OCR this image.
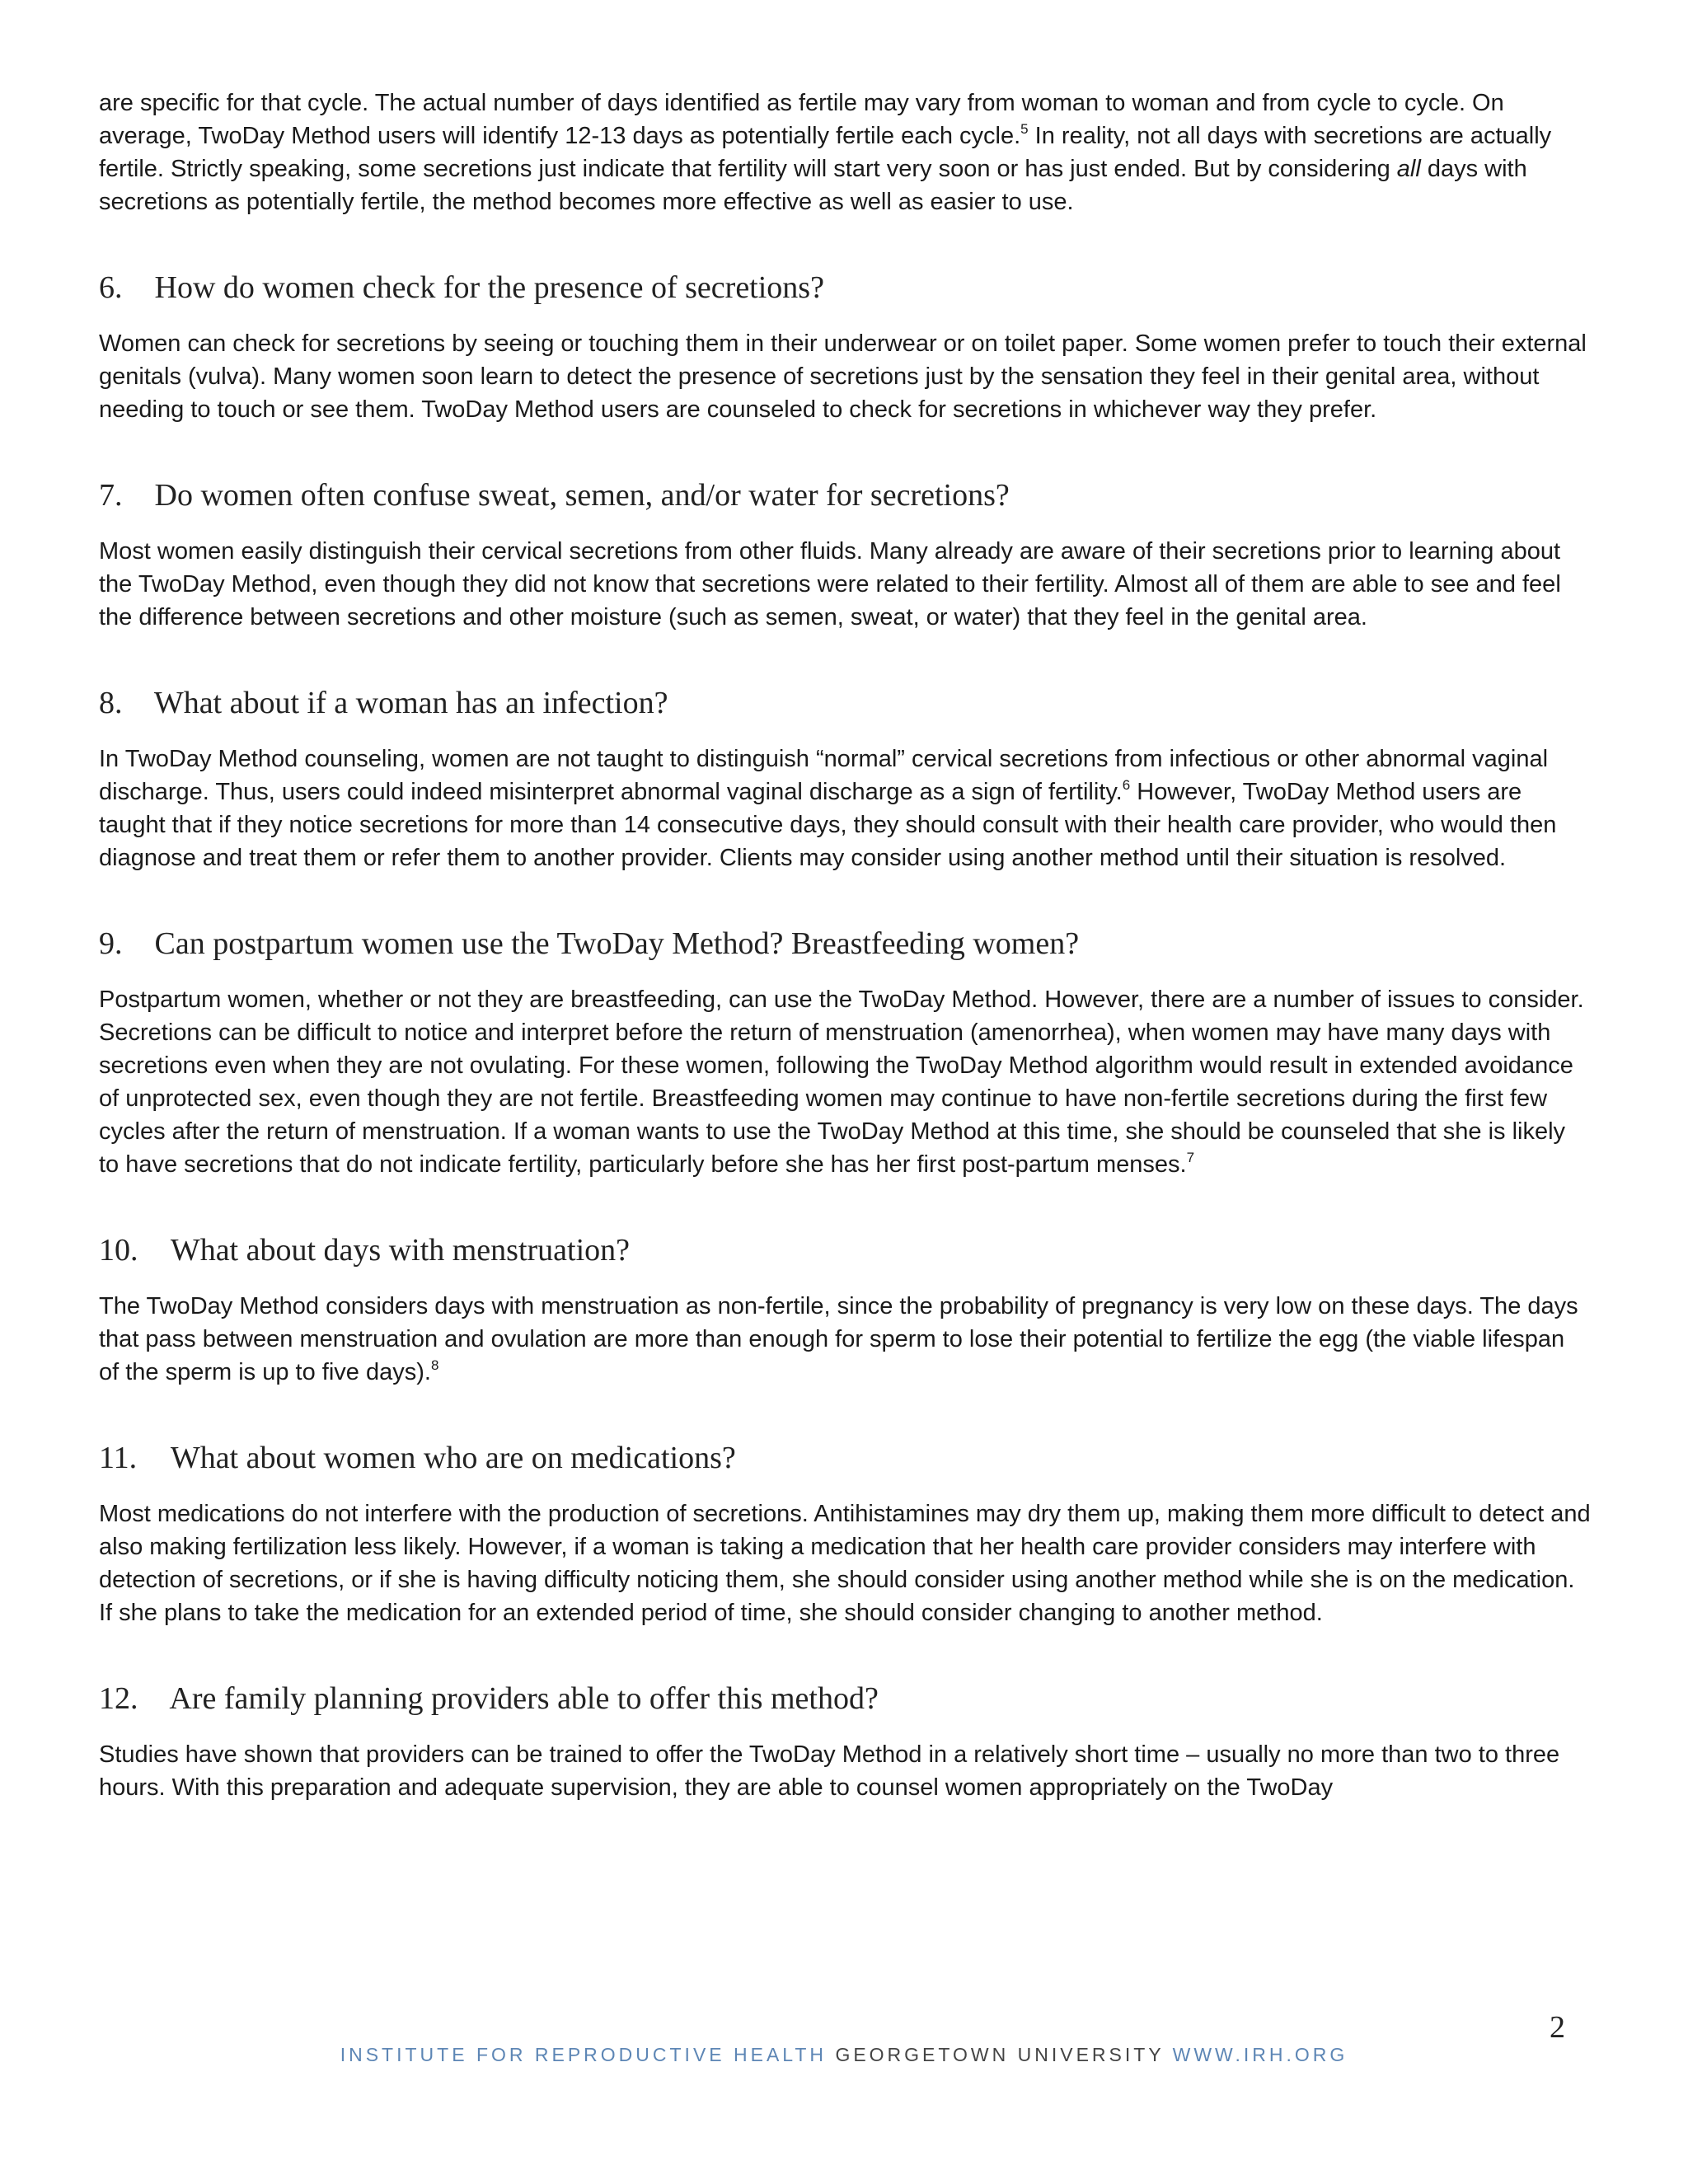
are specific for that cycle. The actual number of days identified as fertile may vary from woman to woman and from cycle to cycle. On average, TwoDay Method users will identify 12-13 days as potentially fertile each cycle.$^5$ In reality, not all days with secretions are actually fertile. Strictly speaking, some secretions just indicate that fertility will start very soon or has just ended. But by considering all days with secretions as potentially fertile, the method becomes more effective as well as easier to use.

6. How do women check for the presence of secretions?

Women can check for secretions by seeing or touching them in their underwear or on toilet paper. Some women prefer to touch their external genitals (vulva). Many women soon learn to detect the presence of secretions just by the sensation they feel in their genital area, without needing to touch or see them. TwoDay Method users are counseled to check for secretions in whichever way they prefer.

7. Do women often confuse sweat, semen, and/or water for secretions?

Most women easily distinguish their cervical secretions from other fluids. Many already are aware of their secretions prior to learning about the TwoDay Method, even though they did not know that secretions were related to their fertility. Almost all of them are able to see and feel the difference between secretions and other moisture (such as semen, sweat, or water) that they feel in the genital area.

8. What about if a woman has an infection?

In TwoDay Method counseling, women are not taught to distinguish “normal” cervical secretions from infectious or other abnormal vaginal discharge. Thus, users could indeed misinterpret abnormal vaginal discharge as a sign of fertility.$^6$ However, TwoDay Method users are taught that if they notice secretions for more than 14 consecutive days, they should consult with their health care provider, who would then diagnose and treat them or refer them to another provider. Clients may consider using another method until their situation is resolved.

9. Can postpartum women use the TwoDay Method? Breastfeeding women?

Postpartum women, whether or not they are breastfeeding, can use the TwoDay Method. However, there are a number of issues to consider. Secretions can be difficult to notice and interpret before the return of menstruation (amenorrhea), when women may have many days with secretions even when they are not ovulating. For these women, following the TwoDay Method algorithm would result in extended avoidance of unprotected sex, even though they are not fertile. Breastfeeding women may continue to have non-fertile secretions during the first few cycles after the return of menstruation. If a woman wants to use the TwoDay Method at this time, she should be counseled that she is likely to have secretions that do not indicate fertility, particularly before she has her first post-partum menses.$^7$

10. What about days with menstruation?

The TwoDay Method considers days with menstruation as non-fertile, since the probability of pregnancy is very low on these days. The days that pass between menstruation and ovulation are more than enough for sperm to lose their potential to fertilize the egg (the viable lifespan of the sperm is up to five days).$^8$

11. What about women who are on medications?

Most medications do not interfere with the production of secretions. Antihistamines may dry them up, making them more difficult to detect and also making fertilization less likely. However, if a woman is taking a medication that her health care provider considers may interfere with detection of secretions, or if she is having difficulty noticing them, she should consider using another method while she is on the medication. If she plans to take the medication for an extended period of time, she should consider changing to another method.

12. Are family planning providers able to offer this method?

Studies have shown that providers can be trained to offer the TwoDay Method in a relatively short time – usually no more than two to three hours. With this preparation and adequate supervision, they are able to counsel women appropriately on the TwoDay

2
INSTITUTE FOR REPRODUCTIVE HEALTH GEORGETOWN UNIVERSITY WWW.IRH.ORG
